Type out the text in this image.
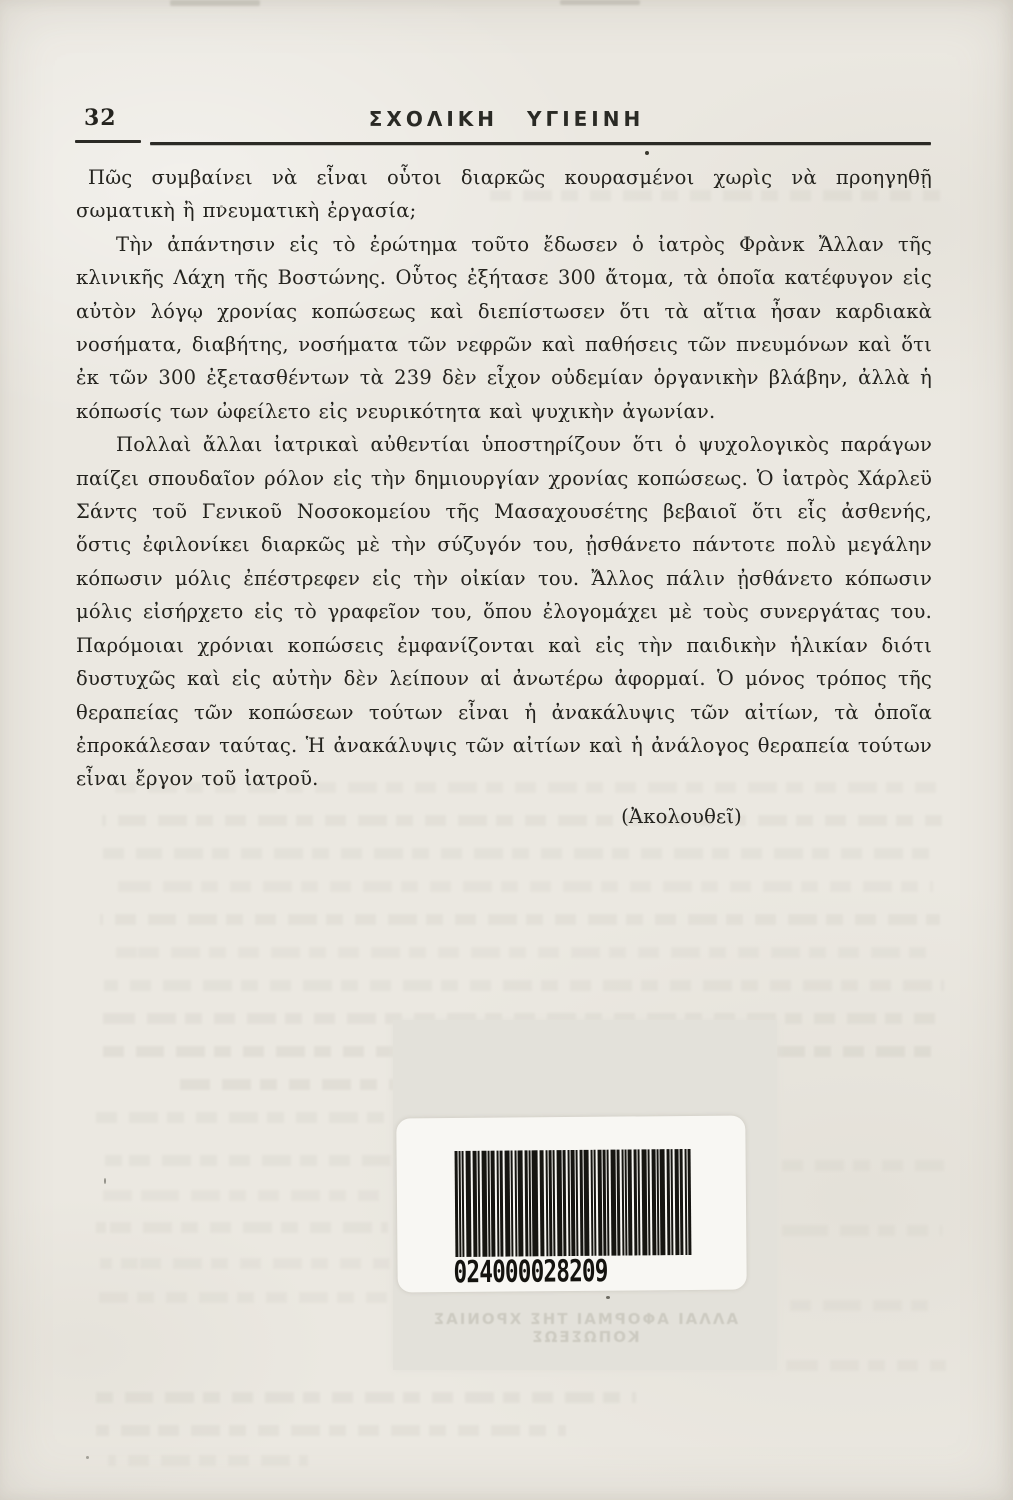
ΑΛΛΑΙ ΑΦΟΡΜΑΙ ΤΗΣ ΧΡΟΝΙΑΣ ΚΟΠΩΣΕΩΣ
32	ΣΧΟΛΙΚΗ ΥΓΙΕΙΝΗ

Πῶς συμβαίνει νὰ εἶναι οὗτοι διαρκῶς κουρασμένοι χωρὶς νὰ προηγηθῇ σωματικὴ ἢ πνευματικὴ ἐργασία;

Τὴν ἀπάντησιν εἰς τὸ ἐρώτημα τοῦτο ἔδωσεν ὁ ἰατρὸς Φρὰνκ Ἄλλαν τῆς κλινικῆς Λάχη τῆς Βοστώνης. Οὗτος ἐξήτασε 300 ἄτομα, τὰ ὁποῖα κατέφυγον εἰς αὐτὸν λόγῳ χρονίας κοπώσεως καὶ διεπίστωσεν ὅτι τὰ αἴτια ἦσαν καρδιακὰ νοσήματα, διαβήτης, νοσήματα τῶν νεφρῶν καὶ παθήσεις τῶν πνευμόνων καὶ ὅτι ἐκ τῶν 300 ἐξετασθέντων τὰ 239 δὲν εἶχον οὐδεμίαν ὀργανικὴν βλάβην, ἀλλὰ ἡ κόπωσίς των ὠφείλετο εἰς νευρικότητα καὶ ψυχικὴν ἀγωνίαν.

Πολλαὶ ἄλλαι ἰατρικαὶ αὐθεντίαι ὑποστηρίζουν ὅτι ὁ ψυχολογικὸς παράγων παίζει σπουδαῖον ρόλον εἰς τὴν δημιουργίαν χρονίας κοπώσεως. Ὁ ἰατρὸς Χάρλεϋ Σάντς τοῦ Γενικοῦ Νοσοκομείου τῆς Μασαχουσέτης βεβαιοῖ ὅτι εἷς ἀσθενής, ὅστις ἐφιλονίκει διαρκῶς μὲ τὴν σύζυγόν του, ᾐσθάνετο πάντοτε πολὺ μεγάλην κόπωσιν μόλις ἐπέστρεφεν εἰς τὴν οἰκίαν του. Ἄλλος πάλιν ᾐσθάνετο κόπωσιν μόλις εἰσήρχετο εἰς τὸ γραφεῖον του, ὅπου ἐλογομάχει μὲ τοὺς συνεργάτας του. Παρόμοιαι χρόνιαι κοπώσεις ἐμφανίζονται καὶ εἰς τὴν παιδικὴν ἡλικίαν διότι δυστυχῶς καὶ εἰς αὐτὴν δὲν λείπουν αἱ ἀνωτέρω ἀφορμαί. Ὁ μόνος τρόπος τῆς θεραπείας τῶν κοπώσεων τούτων εἶναι ἡ ἀνακάλυψις τῶν αἰτίων, τὰ ὁποῖα ἐπροκάλεσαν ταύτας. Ἡ ἀνακάλυψις τῶν αἰτίων καὶ ἡ ἀνάλογος θεραπεία τούτων εἶναι ἔργον τοῦ ἰατροῦ.

(Ἀκολουθεῖ)
024000028209
